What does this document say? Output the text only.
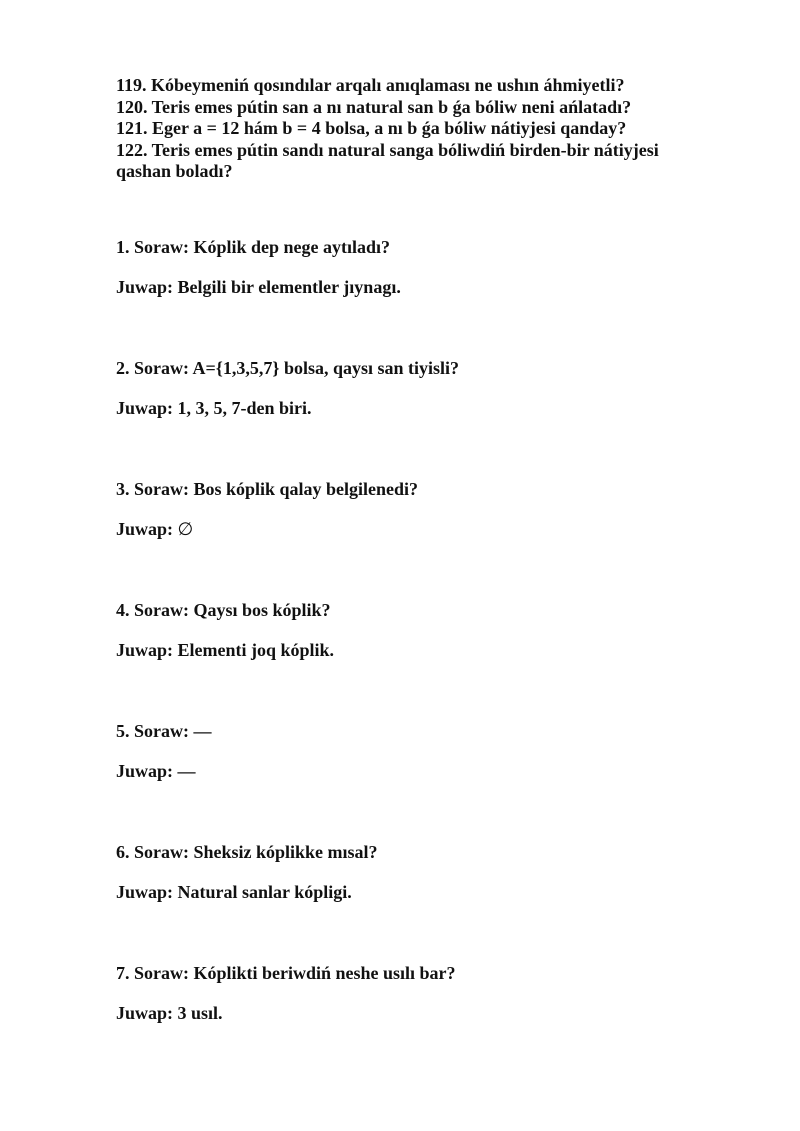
119. Kóbeymeniń qosındılar arqalı anıqlaması ne ushın áhmiyetli?
120. Teris emes pútin san a nı natural san b ǵa bóliw neni ańlatadı?
121. Eger a = 12 hám b = 4 bolsa, a nı b ǵa bóliw nátiyjesi qanday?
122. Teris emes pútin sandı natural sanga bóliwdiń birden-bir nátiyjesi qashan boladı?
1. Soraw: Kóplik dep nege aytıladı?
Juwap: Belgili bir elementler jıynagı.
2. Soraw: A={1,3,5,7} bolsa, qaysı san tiyisli?
Juwap: 1, 3, 5, 7-den biri.
3. Soraw: Bos kóplik qalay belgilenedi?
Juwap: ∅
4. Soraw: Qaysı bos kóplik?
Juwap: Elementi joq kóplik.
5. Soraw: —
Juwap: —
6. Soraw: Sheksiz kóplikke mısal?
Juwap: Natural sanlar kópligi.
7. Soraw: Kóplikti beriwdiń neshe usılı bar?
Juwap: 3 usıl.
